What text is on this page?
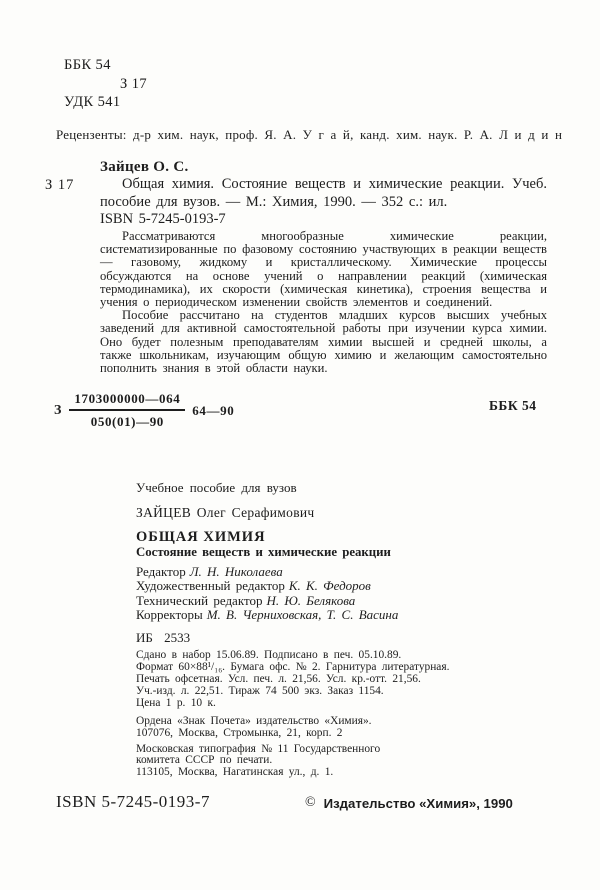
ББК 54
З 17
УДК 541
Рецензенты: д-р хим. наук, проф. Я. А. У г а й, канд. хим. наук. Р. А. Л и д и н
Зайцев О. С.
З 17	Общая химия. Состояние веществ и химические реакции. Учеб. пособие для вузов. — М.: Химия, 1990. — 352 с.: ил.

ISBN 5-7245-0193-7

Рассматриваются многообразные химические реакции, систематизированные по фазовому состоянию участвующих в реакции веществ — газовому, жидкому и кристаллическому. Химические процессы обсуждаются на основе учений о направлении реакций (химическая термодинамика), их скорости (химическая кинетика), строения вещества и учения о периодическом изменении свойств элементов и соединений.

Пособие рассчитано на студентов младших курсов высших учебных заведений для активной самостоятельной работы при изучении курса химии. Оно будет полезным преподавателям химии высшей и средней школы, а также школьникам, изучающим общую химию и желающим самостоятельно пополнить знания в этой области науки.

З $\frac{1703000000—064}{050(01)—90}$ 64—90	ББК 54
Учебное пособие для вузов
ЗАЙЦЕВ Олег Серафимович
ОБЩАЯ ХИМИЯ
Состояние веществ и химические реакции
Редактор Л. Н. Николаева
Художественный редактор К. К. Федоров
Технический редактор Н. Ю. Белякова
Корректоры М. В. Черниховская, Т. С. Васина
ИБ 2533
Сдано в набор 15.06.89. Подписано в печ. 05.10.89.
Формат 60×88¹/₁₆. Бумага офс. № 2. Гарнитура литературная.
Печать офсетная. Усл. печ. л. 21,56. Усл. кр.-отт. 21,56.
Уч.-изд. л. 22,51. Тираж 74 500 экз. Заказ 1154.
Цена 1 р. 10 к.
Ордена «Знак Почета» издательство «Химия».
107076, Москва, Стромынка, 21, корп. 2
Московская типография № 11 Государственного
комитета СССР по печати.
113105, Москва, Нагатинская ул., д. 1.
ISBN 5-7245-0193-7	© Издательство «Химия», 1990
